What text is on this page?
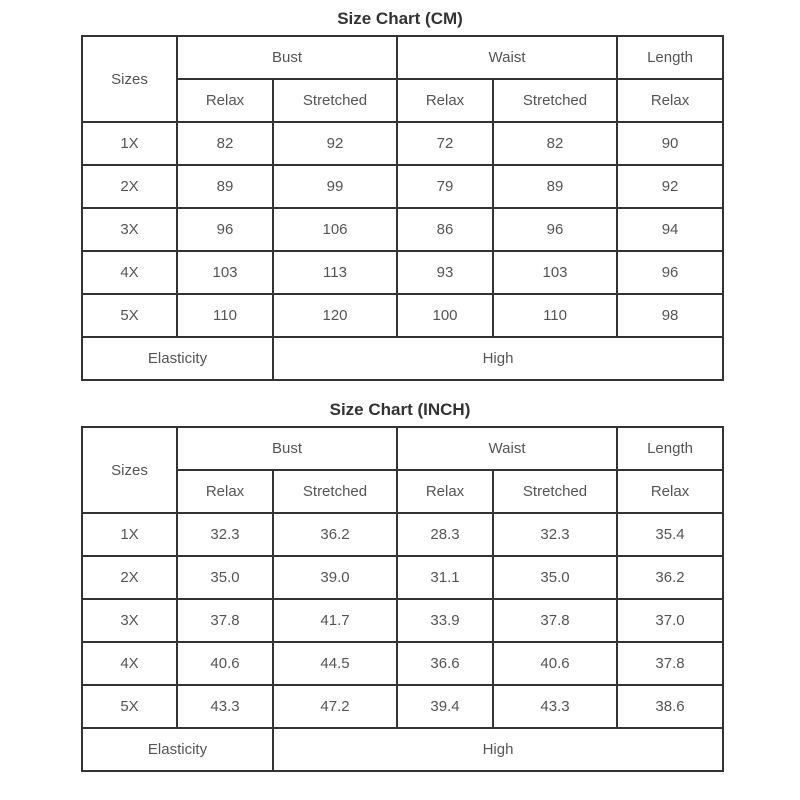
Size Chart (CM)
Sizes	Bust		Waist		Length
	Relax	Stretched	Relax	Stretched	Relax
1X	82	92	72	82	90
2X	89	99	79	89	92
3X	96	106	86	96	94
4X	103	113	93	103	96
5X	110	120	100	110	98
Elasticity		High			
Size Chart (INCH)
Sizes	Bust		Waist		Length
	Relax	Stretched	Relax	Stretched	Relax
1X	32.3	36.2	28.3	32.3	35.4
2X	35.0	39.0	31.1	35.0	36.2
3X	37.8	41.7	33.9	37.8	37.0
4X	40.6	44.5	36.6	40.6	37.8
5X	43.3	47.2	39.4	43.3	38.6
Elasticity		High			
